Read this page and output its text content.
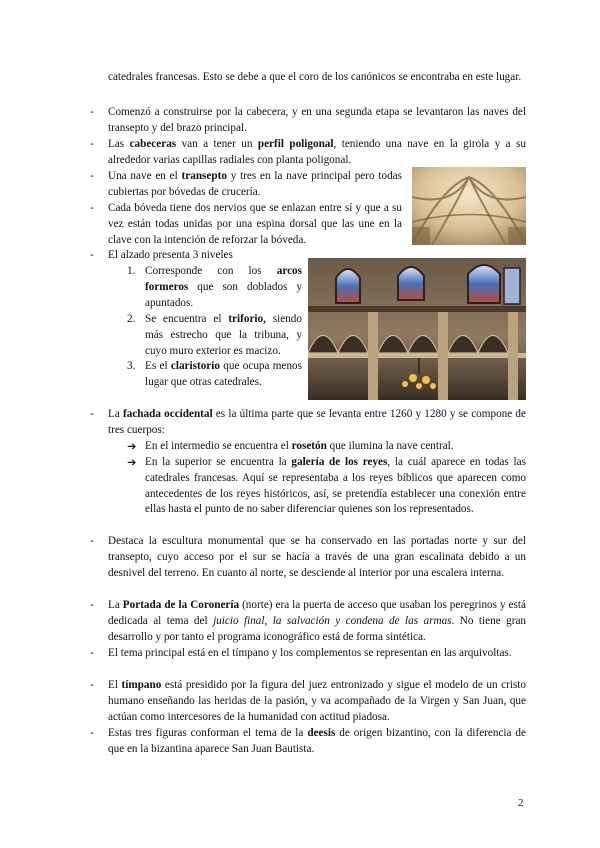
catedrales francesas. Esto se debe a que el coro de los canónicos se encontraba en este lugar.
- Comenzó a construirse por la cabecera, y en una segunda etapa se levantaron las naves del transepto y del brazo principal.
- Las cabeceras van a tener un perfil poligonal, teniendo una nave en la girola y a su alrededor varias capillas radiales con planta poligonal.
- Una nave en el transepto y tres en la nave principal pero todas cubiertas por bóvedas de crucería.
- Cada bóveda tiene dos nervios que se enlazan entre sí y que a su vez están todas unidas por una espina dorsal que las une en la clave con la intención de reforzar la bóveda.
- El alzado presenta 3 niveles
1. Corresponde con los arcos formeros que son doblados y apuntados.
2. Se encuentra el triforio, siendo más estrecho que la tribuna, y cuyo muro exterior es macizo.
3. Es el claristorio que ocupa menos lugar que otras catedrales.
- La fachada occidental es la última parte que se levanta entre 1260 y 1280 y se compone de tres cuerpos:
➔ En el intermedio se encuentra el rosetón que ilumina la nave central.
➔ En la superior se encuentra la galería de los reyes, la cuál aparece en todas las catedrales francesas. Aquí se representaba a los reyes bíblicos que aparecen como antecedentes de los reyes históricos, así, se pretendía establecer una conexión entre ellas hasta el punto de no saber diferenciar quienes son los representados.
- Destaca la escultura monumental que se ha conservado en las portadas norte y sur del transepto, cuyo acceso por el sur se hacía a través de una gran escalinata debido a un desnivel del terreno. En cuanto al norte, se desciende al interior por una escalera interna.
- La Portada de la Coronería (norte) era la puerta de acceso que usaban los peregrinos y está dedicada al tema del juicio final, la salvación y condena de las armas. No tiene gran desarrollo y por tanto el programa iconográfico está de forma sintética.
- El tema principal está en el tímpano y los complementos se representan en las arquivoltas.
- El tímpano está presidido por la figura del juez entronizado y sigue el modelo de un cristo humano enseñando las heridas de la pasión, y va acompañado de la Virgen y San Juan, que actúan como intercesores de la humanidad con actitud piadosa.
- Estas tres figuras conforman el tema de la deesis de origen bizantino, con la diferencia de que en la bizantina aparece San Juan Bautista.
2
